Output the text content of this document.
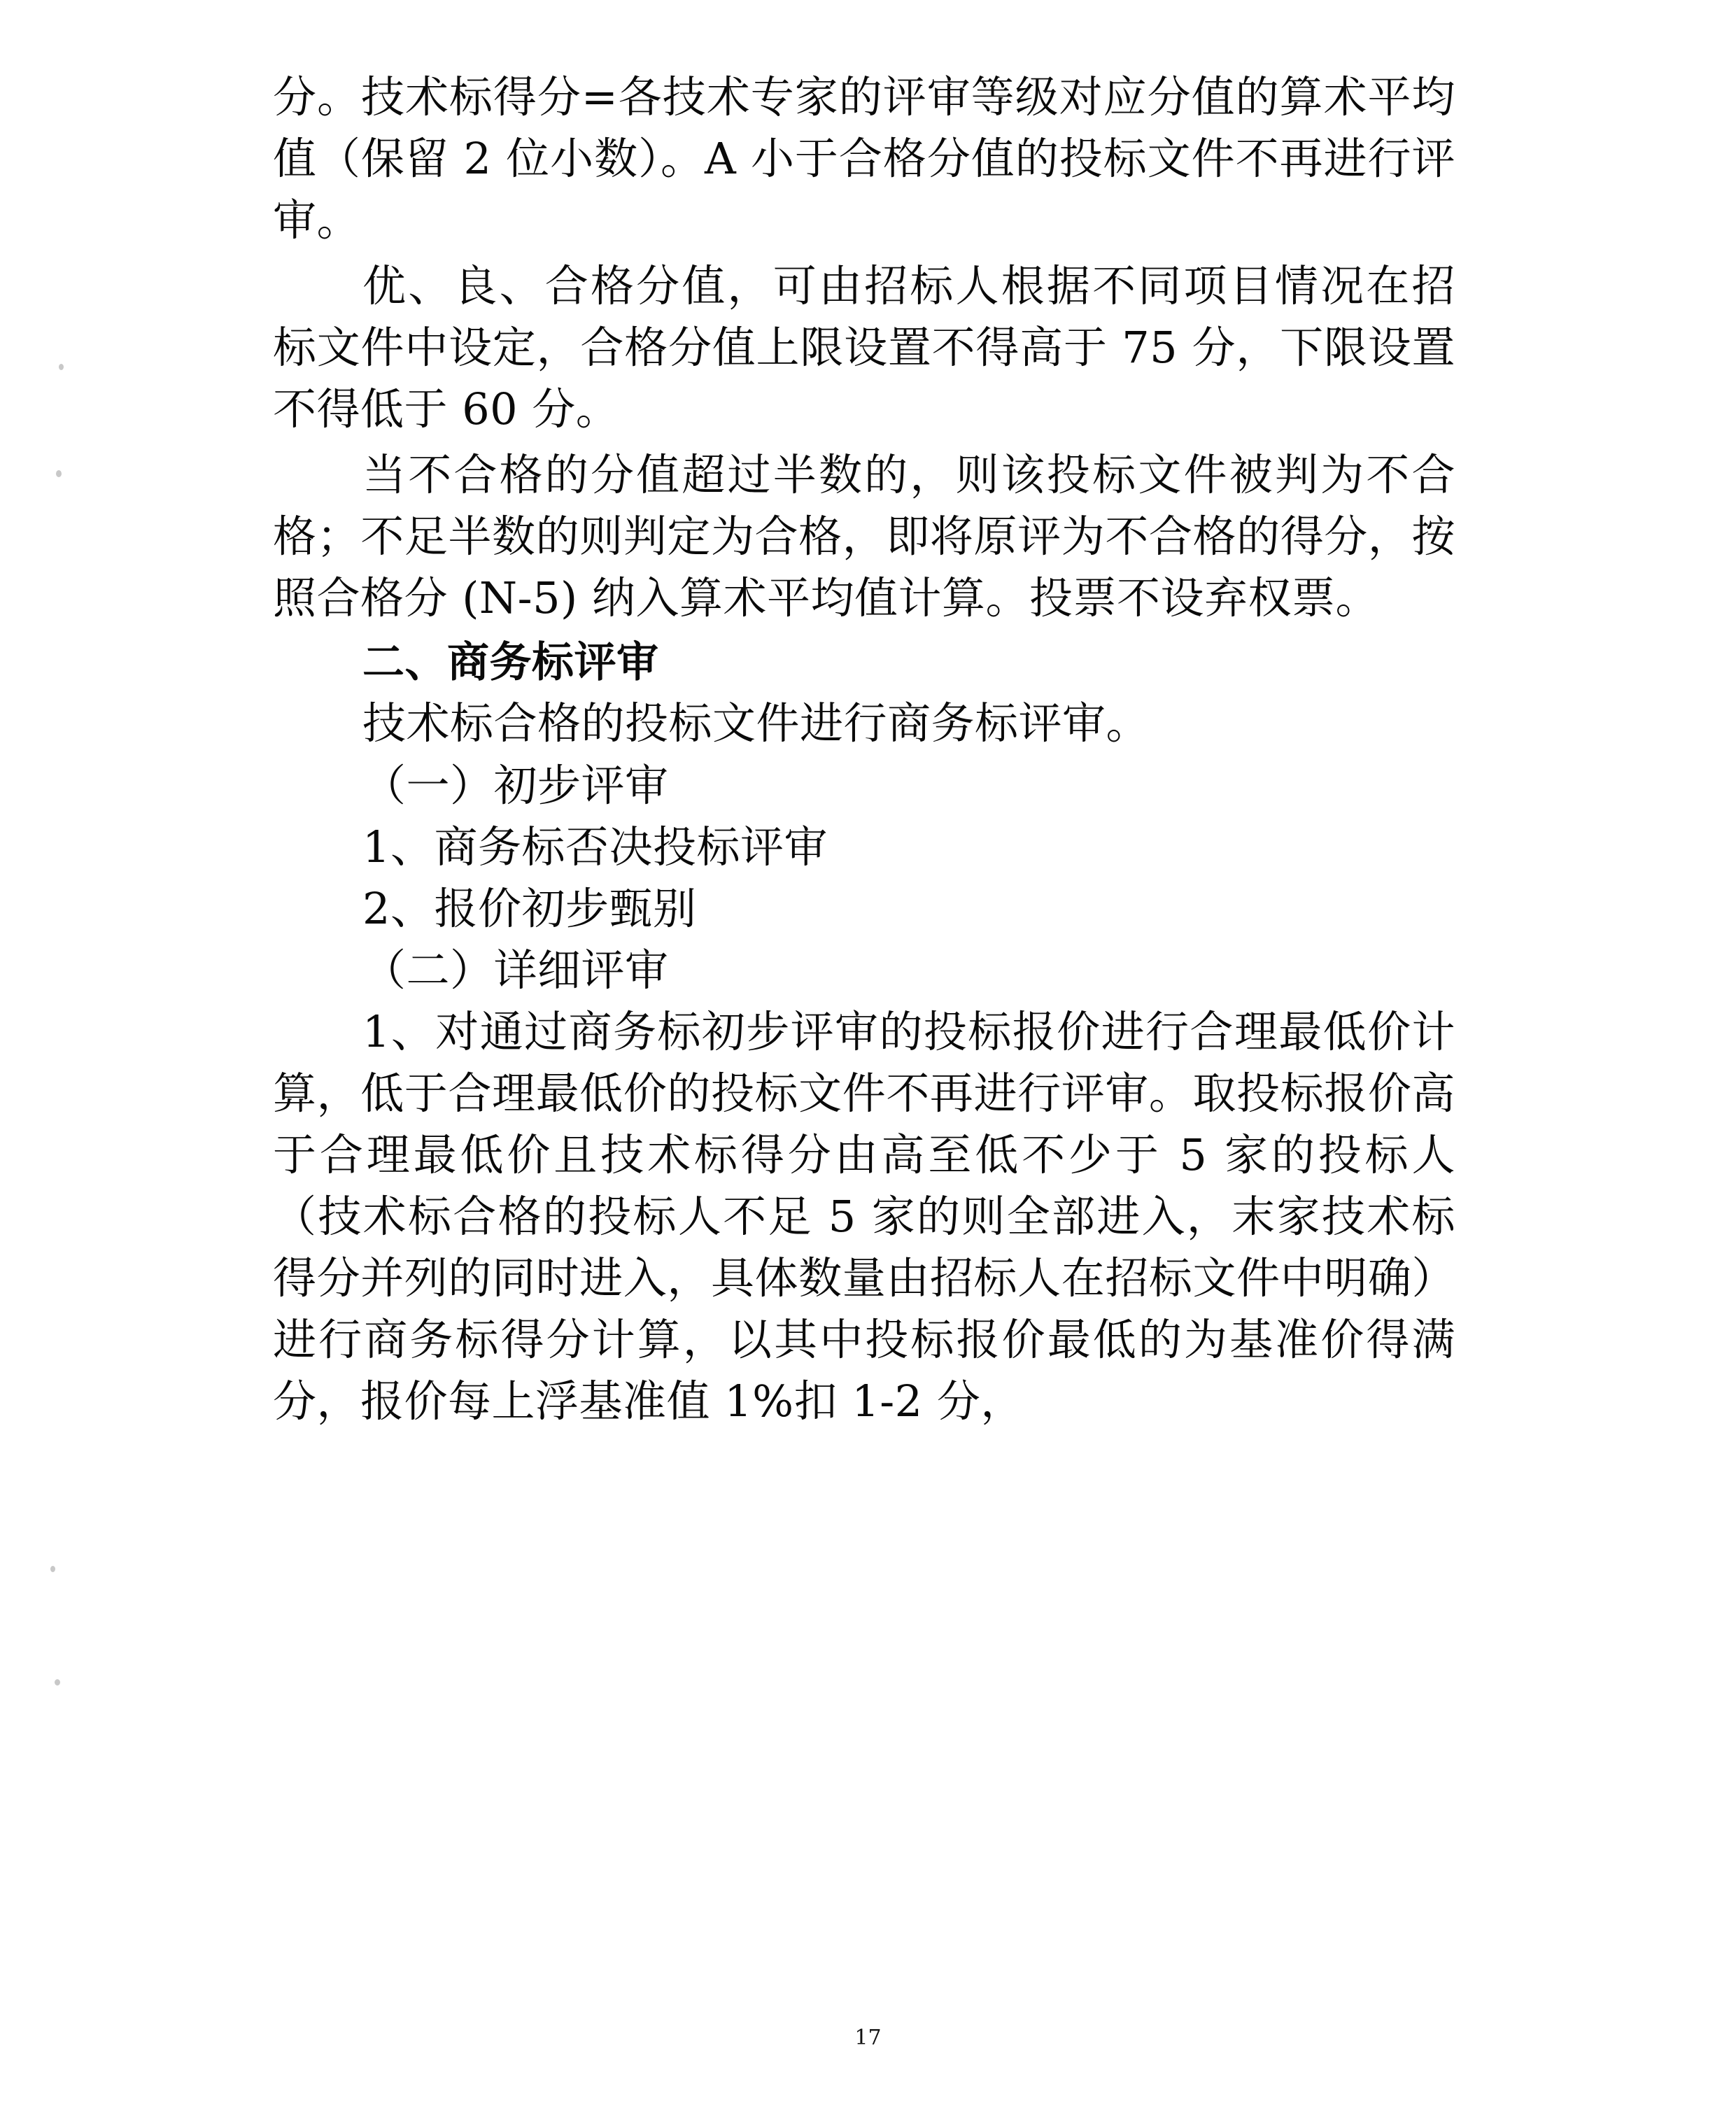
分。技术标得分=各技术专家的评审等级对应分值的算术平均值（保留 2 位小数）。A 小于合格分值的投标文件不再进行评审。

优、良、合格分值，可由招标人根据不同项目情况在招标文件中设定，合格分值上限设置不得高于 75 分，下限设置不得低于 60 分。

当不合格的分值超过半数的，则该投标文件被判为不合格；不足半数的则判定为合格，即将原评为不合格的得分，按照合格分 (N-5) 纳入算术平均值计算。投票不设弃权票。

二、商务标评审

技术标合格的投标文件进行商务标评审。

（一）初步评审

1、商务标否决投标评审

2、报价初步甄别

（二）详细评审

1、对通过商务标初步评审的投标报价进行合理最低价计算，低于合理最低价的投标文件不再进行评审。取投标报价高于合理最低价且技术标得分由高至低不少于 5 家的投标人（技术标合格的投标人不足 5 家的则全部进入，末家技术标得分并列的同时进入，具体数量由招标人在招标文件中明确）进行商务标得分计算，以其中投标报价最低的为基准价得满分，报价每上浮基准值 1%扣 1-2 分，

17
